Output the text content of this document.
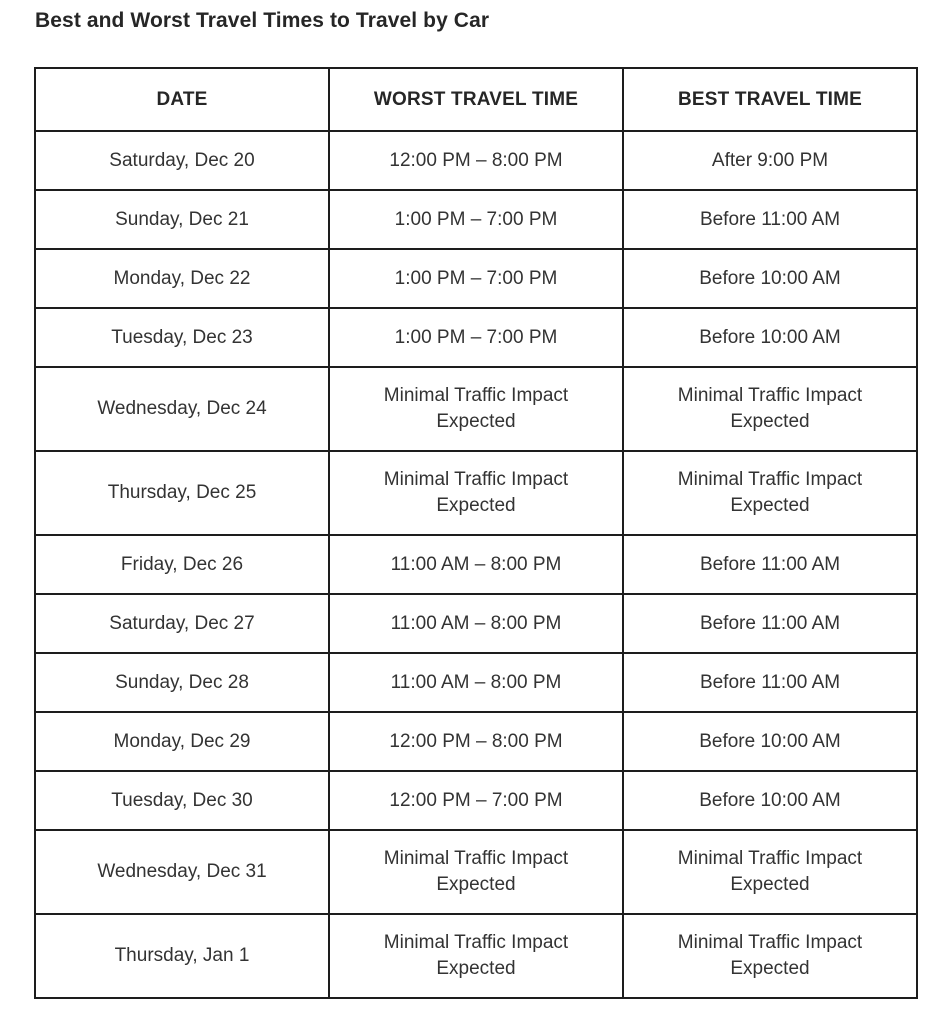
Best and Worst Travel Times to Travel by Car
DATE	WORST TRAVEL TIME	BEST TRAVEL TIME
Saturday, Dec 20	12:00 PM – 8:00 PM	After 9:00 PM
Sunday, Dec 21	1:00 PM – 7:00 PM	Before 11:00 AM
Monday, Dec 22	1:00 PM – 7:00 PM	Before 10:00 AM
Tuesday, Dec 23	1:00 PM – 7:00 PM	Before 10:00 AM
Wednesday, Dec 24	Minimal Traffic Impact Expected	Minimal Traffic Impact Expected
Thursday, Dec 25	Minimal Traffic Impact Expected	Minimal Traffic Impact Expected
Friday, Dec 26	11:00 AM – 8:00 PM	Before 11:00 AM
Saturday, Dec 27	11:00 AM – 8:00 PM	Before 11:00 AM
Sunday, Dec 28	11:00 AM – 8:00 PM	Before 11:00 AM
Monday, Dec 29	12:00 PM – 8:00 PM	Before 10:00 AM
Tuesday, Dec 30	12:00 PM – 7:00 PM	Before 10:00 AM
Wednesday, Dec 31	Minimal Traffic Impact Expected	Minimal Traffic Impact Expected
Thursday, Jan 1	Minimal Traffic Impact Expected	Minimal Traffic Impact Expected
